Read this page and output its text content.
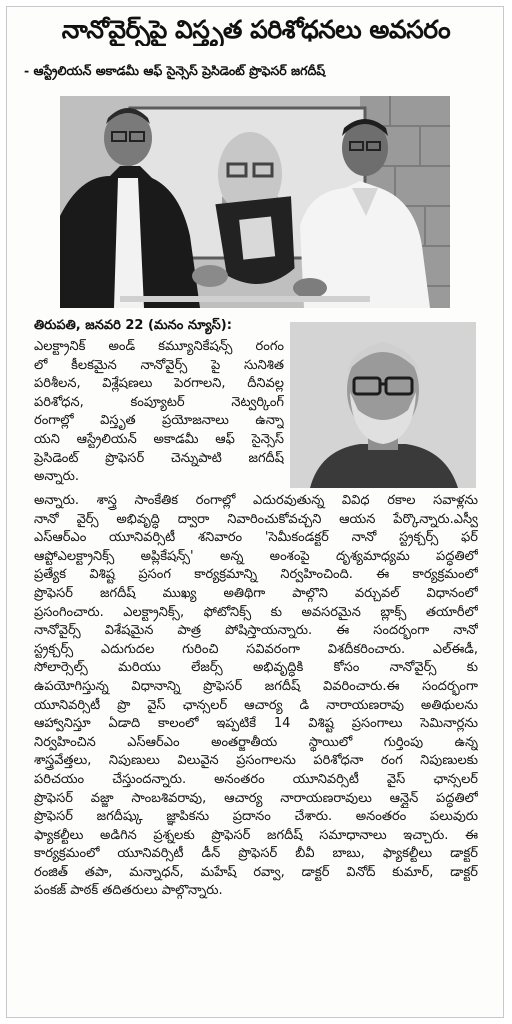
నానోవైర్స్‌పై విస్తృత పరిశోధనలు అవసరం
- ఆస్ట్రేలియన్ అకాడమీ ఆఫ్ సైన్సెస్ ప్రెసిడెంట్ ప్రొఫెసర్ జగదీష్
తిరుపతి, జనవరి 22 (మనం న్యూస్):
ఎలక్ట్రానిక్ అండ్ కమ్యూనికేషన్స్ రంగం
లో కీలకమైన నానోవైర్స్ పై సునిశిత
పరిశీలన, విశ్లేషణలు పెరగాలని, దీనివల్ల
పరిశోధన, కంప్యూటర్ నెట్వర్కింగ్
రంగాల్లో విస్తృత ప్రయోజనాలు ఉన్నా
యని ఆస్ట్రేలియన్ అకాడమీ ఆఫ్ సైన్సెస్
ప్రెసిడెంట్ ప్రొఫెసర్ చెన్నుపాటి జగదీష్
అన్నారు.
అన్నారు. శాస్త్ర సాంకేతిక రంగాల్లో ఎదురవుతున్న వివిధ రకాల సవాళ్లను
నానో వైర్స్ అభివృద్ధి ద్వారా నివారించుకోవచ్చని ఆయన పేర్కొన్నారు.ఎస్వీ
ఎస్ఆర్ఎం యూనివర్సిటీ శనివారం 'సెమీకండక్టర్ నానో స్ట్రక్చర్స్ ఫర్
ఆప్టోఎలక్ట్రానిక్స్ అప్లికేషన్స్' అన్న అంశంపై దృశ్యమాధ్యమ పద్ధతిలో
ప్రత్యేక విశిష్ట ప్రసంగ కార్యక్రమాన్ని నిర్వహించింది. ఈ కార్యక్రమంలో
ప్రొఫెసర్ జగదీష్ ముఖ్య అతిథిగా పాల్గొని వర్చువల్ విధానంలో
ప్రసంగించారు. ఎలక్ట్రానిక్స్, ఫోటోనిక్స్ కు అవసరమైన బ్లాక్స్ తయారీలో
నానోవైర్స్ విశేషమైన పాత్ర పోషిస్తాయన్నారు. ఈ సందర్భంగా నానో
స్ట్రక్చర్స్ ఎదుగుదల గురించి సవివరంగా విశదీకరించారు. ఎల్ఈడీ,
సోలార్సెల్స్ మరియు లేజర్స్ అభివృద్ధికి కోసం నానోవైర్స్ కు
ఉపయోగిస్తున్న విధానాన్ని ప్రొఫెసర్ జగదీష్ వివరించారు.ఈ సందర్భంగా
యూనివర్సిటీ ప్రొ వైస్ ఛాన్సలర్ ఆచార్య డి నారాయణరావు అతిథులను
ఆహ్వానిస్తూ ఏడాది కాలంలో ఇప్పటికే 14 విశిష్ట ప్రసంగాలు సెమినార్లను
నిర్వహించిన ఎస్ఆర్ఎం అంతర్జాతీయ స్థాయిలో గుర్తింపు ఉన్న
శాస్త్రవేత్తలు, నిపుణులు విలువైన ప్రసంగాలను పరిశోధనా రంగ నిపుణులకు
పరిచయం చేస్తుందన్నారు. అనంతరం యూనివర్సిటీ వైస్ ఛాన్సలర్
ప్రొఫెసర్ వజ్జా సాంబశివరావు, ఆచార్య నారాయణరావులు ఆన్లైన్ పద్ధతిలో
ప్రొఫెసర్ జగదీష్కు జ్ఞాపికను ప్రదానం చేశారు. అనంతరం పలువురు
ఫ్యాకల్టీలు అడిగిన ప్రశ్నలకు ప్రొఫెసర్ జగదీష్ సమాధానాలు ఇచ్చారు. ఈ
కార్యక్రమంలో యూనివర్సిటీ డీన్ ప్రొఫెసర్ బీవీ బాబు, ఫ్యాకల్టీలు డాక్టర్
రంజిత్ తపా, మన్నాధన్, మహేష్ రవ్వా, డాక్టర్ వినోద్ కుమార్, డాక్టర్
పంకజ్ పాఠక్ తదితరులు పాల్గొన్నారు.
